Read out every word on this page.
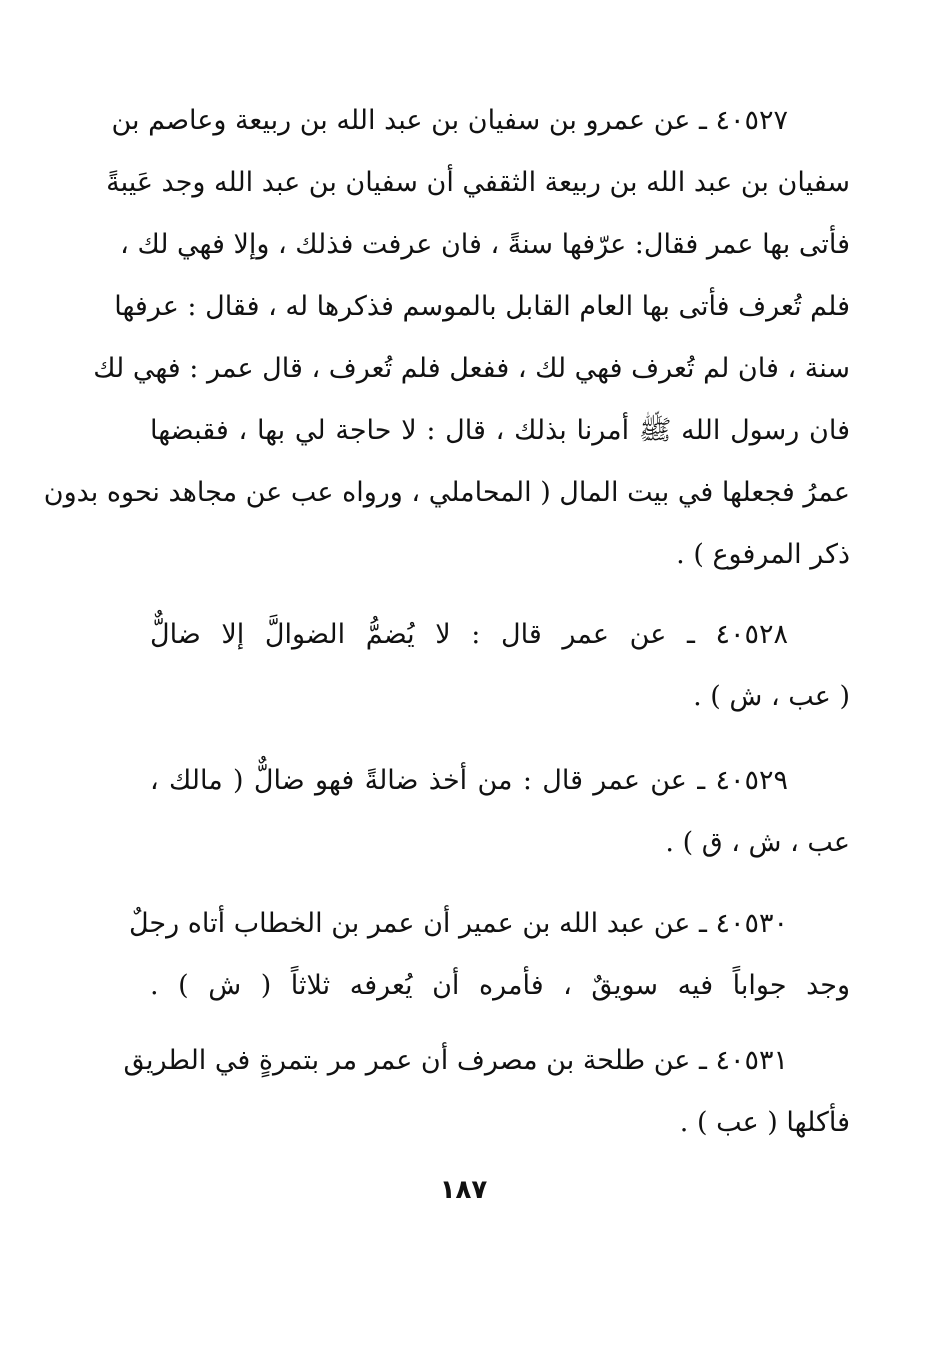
٤٠٥٢٧ ـ عن عمرو بن سفيان بن عبد الله بن ربيعة وعاصم بن
سفيان بن عبد الله بن ربيعة الثقفي أن سفيان بن عبد الله وجد عَيبةً
فأتى بها عمر فقال: عرّفها سنةً ، فان عرفت فذلك ، وإلا فهي لك ،
فلم تُعرف فأتى بها العام القابل بالموسم فذكرها له ، فقال : عرفها
سنة ، فان لم تُعرف فهي لك ، ففعل فلم تُعرف ، قال عمر : فهي لك
فان رسول الله ﷺ أمرنا بذلك ، قال : لا حاجة لي بها ، فقبضها
عمرُ فجعلها في بيت المال ( المحاملي ، ورواه عب عن مجاهد نحوه بدون
ذكر المرفوع ) .
٤٠٥٢٨ ـ عن عمر قال : لا يُضمُّ الضوالَّ إلا ضالٌّ
( عب ، ش ) .
٤٠٥٢٩ ـ عن عمر قال : من أخذ ضالةً فهو ضالٌّ ( مالك ،
عب ، ش ، ق ) .
٤٠٥٣٠ ـ عن عبد الله بن عمير أن عمر بن الخطاب أتاه رجلٌ
وجد جواباً فيه سويقٌ ، فأمره أن يُعرفه ثلاثاً ( ش ) .
٤٠٥٣١ ـ عن طلحة بن مصرف أن عمر مر بتمرةٍ في الطريق
فأكلها ( عب ) .
١٨٧
